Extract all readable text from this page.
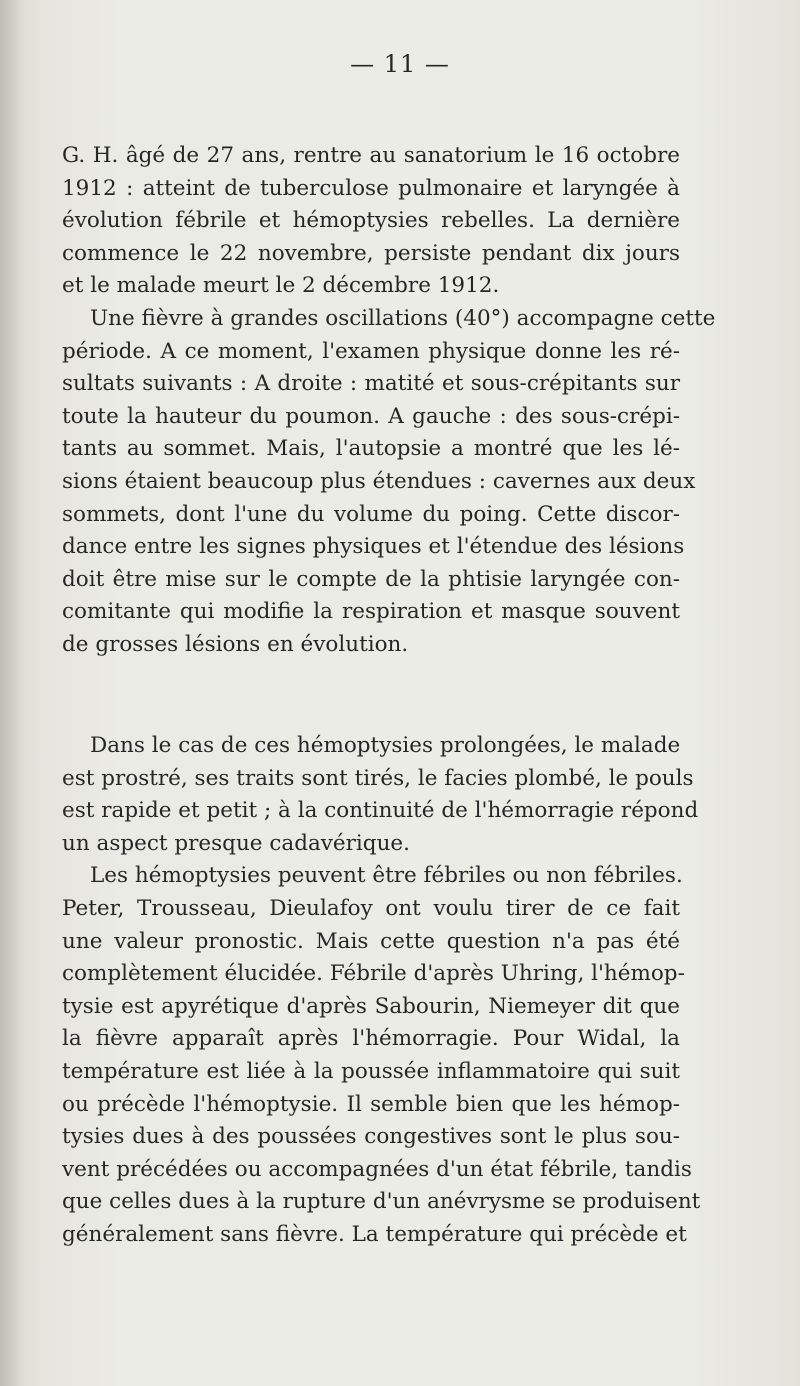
— 11 —
G. H. âgé de 27 ans, rentre au sanatorium le 16 octobre
1912 : atteint de tuberculose pulmonaire et laryngée à
évolution fébrile et hémoptysies rebelles. La dernière
commence le 22 novembre, persiste pendant dix jours
et le malade meurt le 2 décembre 1912.
Une fièvre à grandes oscillations (40°) accompagne cette
période. A ce moment, l'examen physique donne les ré-
sultats suivants : A droite : matité et sous-crépitants sur
toute la hauteur du poumon. A gauche : des sous-crépi-
tants au sommet. Mais, l'autopsie a montré que les lé-
sions étaient beaucoup plus étendues : cavernes aux deux
sommets, dont l'une du volume du poing. Cette discor-
dance entre les signes physiques et l'étendue des lésions
doit être mise sur le compte de la phtisie laryngée con-
comitante qui modifie la respiration et masque souvent
de grosses lésions en évolution.
Dans le cas de ces hémoptysies prolongées, le malade
est prostré, ses traits sont tirés, le facies plombé, le pouls
est rapide et petit ; à la continuité de l'hémorragie répond
un aspect presque cadavérique.
Les hémoptysies peuvent être fébriles ou non fébriles.
Peter, Trousseau, Dieulafoy ont voulu tirer de ce fait
une valeur pronostic. Mais cette question n'a pas été
complètement élucidée. Fébrile d'après Uhring, l'hémop-
tysie est apyrétique d'après Sabourin, Niemeyer dit que
la fièvre apparaît après l'hémorragie. Pour Widal, la
température est liée à la poussée inflammatoire qui suit
ou précède l'hémoptysie. Il semble bien que les hémop-
tysies dues à des poussées congestives sont le plus sou-
vent précédées ou accompagnées d'un état fébrile, tandis
que celles dues à la rupture d'un anévrysme se produisent
généralement sans fièvre. La température qui précède et
